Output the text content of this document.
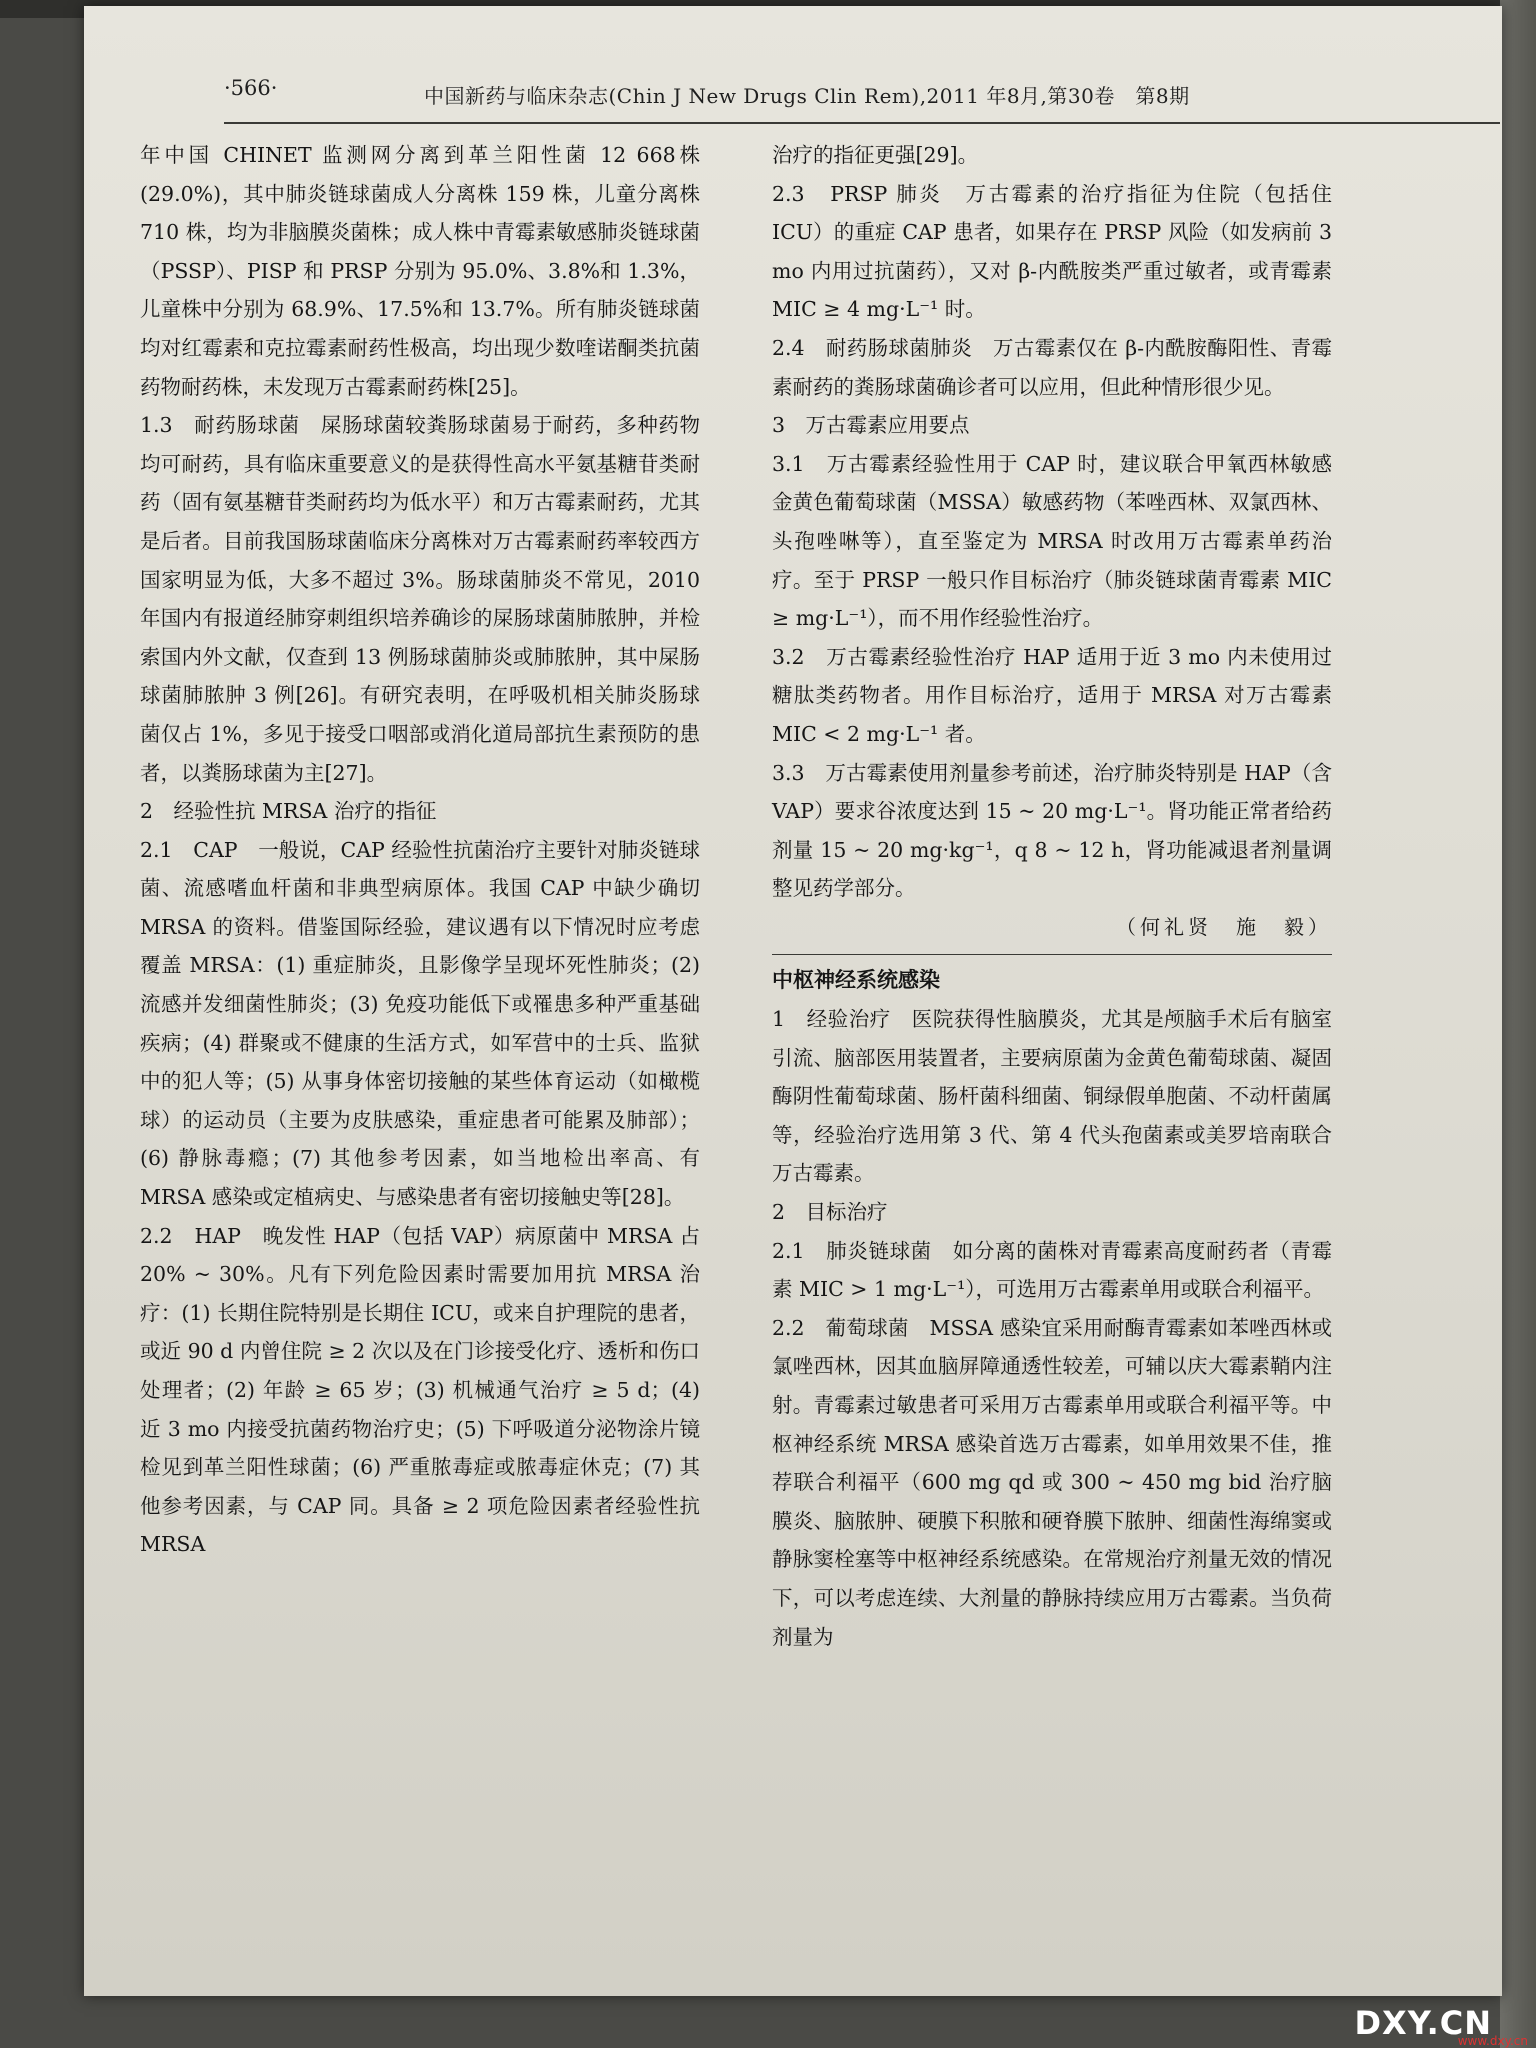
·566·	中国新药与临床杂志(Chin J New Drugs Clin Rem),2011 年8月,第30卷　第8期

年中国 CHINET 监测网分离到革兰阳性菌 12 668株(29.0%)，其中肺炎链球菌成人分离株 159 株，儿童分离株 710 株，均为非脑膜炎菌株；成人株中青霉素敏感肺炎链球菌（PSSP）、PISP 和 PRSP 分别为 95.0%、3.8%和 1.3%，儿童株中分别为 68.9%、17.5%和 13.7%。所有肺炎链球菌均对红霉素和克拉霉素耐药性极高，均出现少数喹诺酮类抗菌药物耐药株，未发现万古霉素耐药株[25]。

1.3　耐药肠球菌　屎肠球菌较粪肠球菌易于耐药，多种药物均可耐药，具有临床重要意义的是获得性高水平氨基糖苷类耐药（固有氨基糖苷类耐药均为低水平）和万古霉素耐药，尤其是后者。目前我国肠球菌临床分离株对万古霉素耐药率较西方国家明显为低，大多不超过 3%。肠球菌肺炎不常见，2010 年国内有报道经肺穿刺组织培养确诊的屎肠球菌肺脓肿，并检索国内外文献，仅查到 13 例肠球菌肺炎或肺脓肿，其中屎肠球菌肺脓肿 3 例[26]。有研究表明，在呼吸机相关肺炎肠球菌仅占 1%，多见于接受口咽部或消化道局部抗生素预防的患者，以粪肠球菌为主[27]。

2　经验性抗 MRSA 治疗的指征

2.1　CAP　一般说，CAP 经验性抗菌治疗主要针对肺炎链球菌、流感嗜血杆菌和非典型病原体。我国 CAP 中缺少确切 MRSA 的资料。借鉴国际经验，建议遇有以下情况时应考虑覆盖 MRSA：(1) 重症肺炎，且影像学呈现坏死性肺炎；(2) 流感并发细菌性肺炎；(3) 免疫功能低下或罹患多种严重基础疾病；(4) 群聚或不健康的生活方式，如军营中的士兵、监狱中的犯人等；(5) 从事身体密切接触的某些体育运动（如橄榄球）的运动员（主要为皮肤感染，重症患者可能累及肺部）；(6) 静脉毒瘾；(7) 其他参考因素，如当地检出率高、有 MRSA 感染或定植病史、与感染患者有密切接触史等[28]。

2.2　HAP　晚发性 HAP（包括 VAP）病原菌中 MRSA 占 20% ~ 30%。凡有下列危险因素时需要加用抗 MRSA 治疗：(1) 长期住院特别是长期住 ICU，或来自护理院的患者，或近 90 d 内曾住院 ≥ 2 次以及在门诊接受化疗、透析和伤口处理者；(2) 年龄 ≥ 65 岁；(3) 机械通气治疗 ≥ 5 d；(4) 近 3 mo 内接受抗菌药物治疗史；(5) 下呼吸道分泌物涂片镜检见到革兰阳性球菌；(6) 严重脓毒症或脓毒症休克；(7) 其他参考因素，与 CAP 同。具备 ≥ 2 项危险因素者经验性抗 MRSA

治疗的指征更强[29]。

2.3　PRSP 肺炎　万古霉素的治疗指征为住院（包括住 ICU）的重症 CAP 患者，如果存在 PRSP 风险（如发病前 3 mo 内用过抗菌药），又对 β-内酰胺类严重过敏者，或青霉素 MIC ≥ 4 mg·L⁻¹ 时。

2.4　耐药肠球菌肺炎　万古霉素仅在 β-内酰胺酶阳性、青霉素耐药的粪肠球菌确诊者可以应用，但此种情形很少见。

3　万古霉素应用要点

3.1　万古霉素经验性用于 CAP 时，建议联合甲氧西林敏感金黄色葡萄球菌（MSSA）敏感药物（苯唑西林、双氯西林、头孢唑啉等），直至鉴定为 MRSA 时改用万古霉素单药治疗。至于 PRSP 一般只作目标治疗（肺炎链球菌青霉素 MIC ≥ mg·L⁻¹），而不用作经验性治疗。

3.2　万古霉素经验性治疗 HAP 适用于近 3 mo 内未使用过糖肽类药物者。用作目标治疗，适用于 MRSA 对万古霉素 MIC < 2 mg·L⁻¹ 者。

3.3　万古霉素使用剂量参考前述，治疗肺炎特别是 HAP（含 VAP）要求谷浓度达到 15 ~ 20 mg·L⁻¹。肾功能正常者给药剂量 15 ~ 20 mg·kg⁻¹，q 8 ~ 12 h，肾功能减退者剂量调整见药学部分。

（何礼贤　施　毅）

中枢神经系统感染

1　经验治疗　医院获得性脑膜炎，尤其是颅脑手术后有脑室引流、脑部医用装置者，主要病原菌为金黄色葡萄球菌、凝固酶阴性葡萄球菌、肠杆菌科细菌、铜绿假单胞菌、不动杆菌属等，经验治疗选用第 3 代、第 4 代头孢菌素或美罗培南联合万古霉素。

2　目标治疗

2.1　肺炎链球菌　如分离的菌株对青霉素高度耐药者（青霉素 MIC > 1 mg·L⁻¹），可选用万古霉素单用或联合利福平。

2.2　葡萄球菌　MSSA 感染宜采用耐酶青霉素如苯唑西林或氯唑西林，因其血脑屏障通透性较差，可辅以庆大霉素鞘内注射。青霉素过敏患者可采用万古霉素单用或联合利福平等。中枢神经系统 MRSA 感染首选万古霉素，如单用效果不佳，推荐联合利福平（600 mg qd 或 300 ~ 450 mg bid 治疗脑膜炎、脑脓肿、硬膜下积脓和硬脊膜下脓肿、细菌性海绵窦或静脉窦栓塞等中枢神经系统感染。在常规治疗剂量无效的情况下，可以考虑连续、大剂量的静脉持续应用万古霉素。当负荷剂量为

DXY.CN
www.dxy.cn
